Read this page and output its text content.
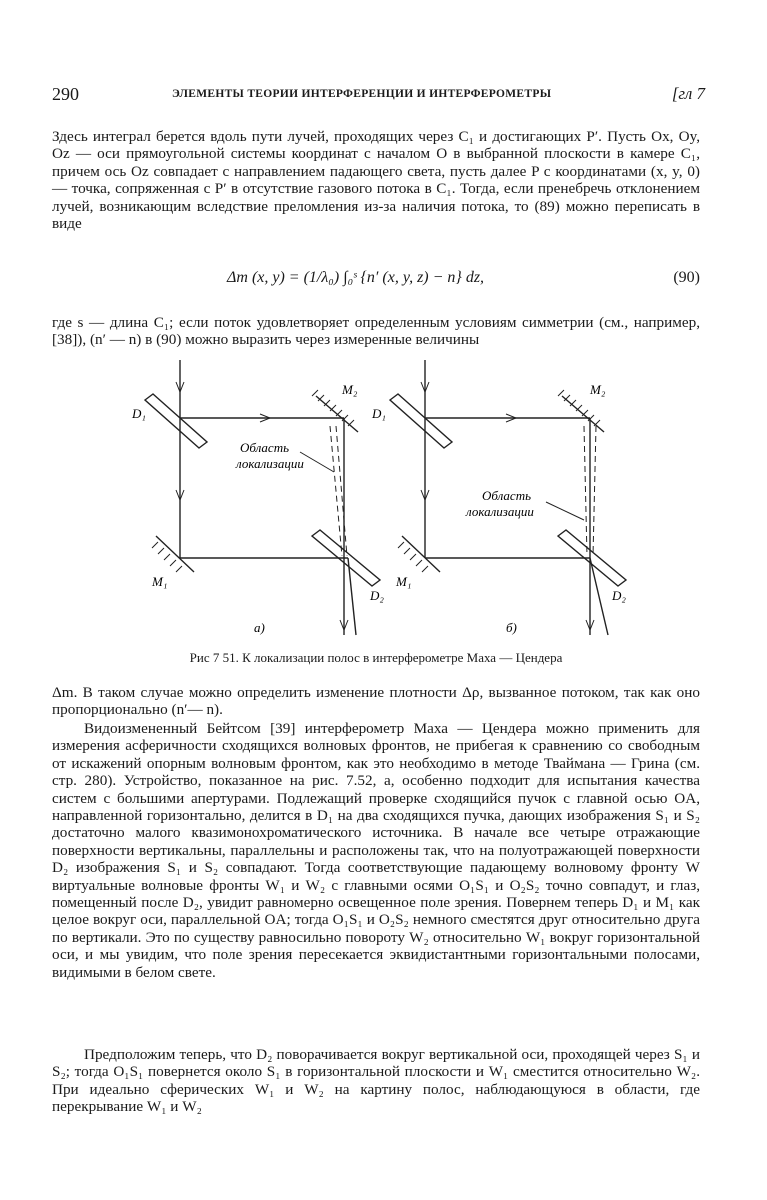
290	ЭЛЕМЕНТЫ ТЕОРИИ ИНТЕРФЕРЕНЦИИ И ИНТЕРФЕРОМЕТРЫ	[гл 7

Здесь интеграл берется вдоль пути лучей, проходящих через C₁ и достигающих P′. Пусть Ox, Oy, Oz — оси прямоугольной системы координат с началом O в выбранной плоскости в камере C₁, причем ось Oz совпадает с направлением падающего света, пусть далее P с координатами (x, y, 0) — точка, сопряженная с P′ в отсутствие газового потока в C₁. Тогда, если пренебречь отклонением лучей, возникающим вследствие преломления из-за наличия потока, то (89) можно переписать в виде

Δm (x, y) = (1/λ₀) ∫₀ˢ {n′ (x, y, z) − n} dz,	(90)

где s — длина C₁; если поток удовлетворяет определенным условиям симметрии (см., например, [38]), (n′ — n) в (90) можно выразить через измеренные величины

D₁
M₂
M₁
D₂
Область
локализации
а)
D₁
M₂
M₁
D₂
Область
локализации
б)
Рис 7 51. К локализации полос в интерферометре Маха — Цендера

Δm. В таком случае можно определить изменение плотности Δρ, вызванное потоком, так как оно пропорционально (n′— n).

Видоизмененный Бейтсом [39] интерферометр Маха — Цендера можно применить для измерения асферичности сходящихся волновых фронтов, не прибегая к сравнению со свободным от искажений опорным волновым фронтом, как это необходимо в методе Тваймана — Грина (см. стр. 280). Устройство, показанное на рис. 7.52, а, особенно подходит для испытания качества систем с большими апертурами. Подлежащий проверке сходящийся пучок с главной осью OA, направленной горизонтально, делится в D₁ на два сходящихся пучка, дающих изображения S₁ и S₂ достаточно малого квазимонохроматического источника. В начале все четыре отражающие поверхности вертикальны, параллельны и расположены так, что на полуотражающей поверхности D₂ изображения S₁ и S₂ совпадают. Тогда соответствующие падающему волновому фронту W виртуальные волновые фронты W₁ и W₂ с главными осями O₁S₁ и O₂S₂ точно совпадут, и глаз, помещенный после D₂, увидит равномерно освещенное поле зрения. Повернем теперь D₁ и M₁ как целое вокруг оси, параллельной OA; тогда O₁S₁ и O₂S₂ немного сместятся друг относительно друга по вертикали. Это по существу равносильно повороту W₂ относительно W₁ вокруг горизонтальной оси, и мы увидим, что поле зрения пересекается эквидистантными горизонтальными полосами, видимыми в белом свете.

Предположим теперь, что D₂ поворачивается вокруг вертикальной оси, проходящей через S₁ и S₂; тогда O₁S₁ повернется около S₁ в горизонтальной плоскости и W₁ сместится относительно W₂. При идеально сферических W₁ и W₂ на картину полос, наблюдающуюся в области, где перекрывание W₁ и W₂
